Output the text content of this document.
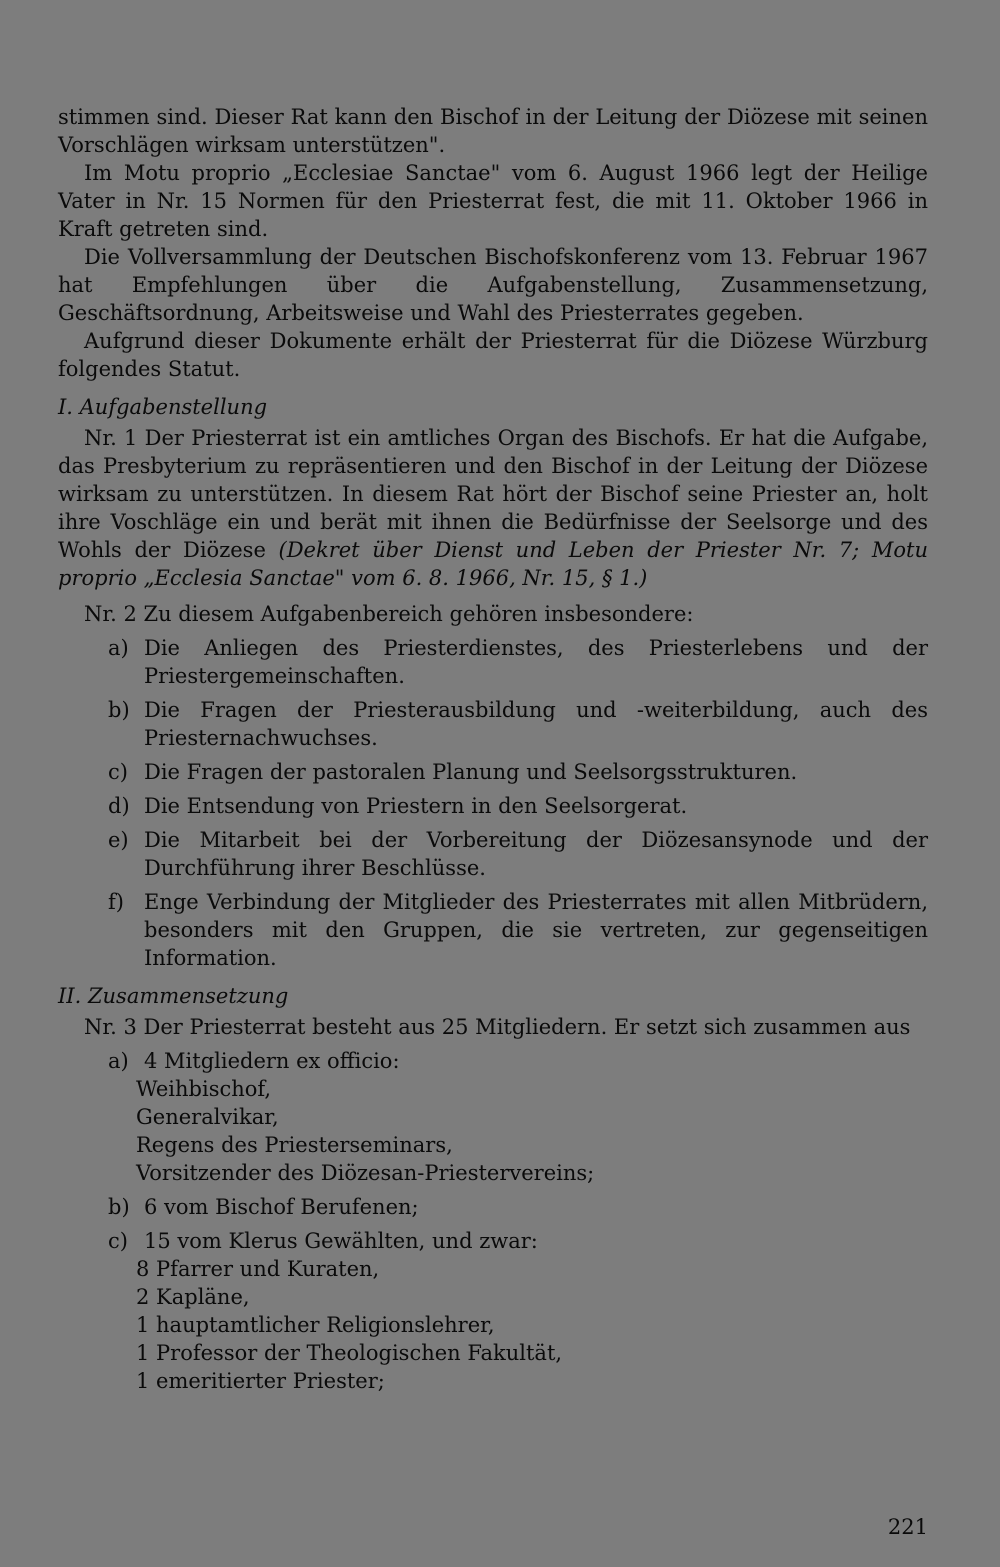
stimmen sind. Dieser Rat kann den Bischof in der Leitung der Diözese mit seinen Vorschlägen wirksam unterstützen".

Im Motu proprio „Ecclesiae Sanctae" vom 6. August 1966 legt der Heilige Vater in Nr. 15 Normen für den Priesterrat fest, die mit 11. Oktober 1966 in Kraft getreten sind.

Die Vollversammlung der Deutschen Bischofskonferenz vom 13. Februar 1967 hat Empfehlungen über die Aufgabenstellung, Zusammensetzung, Geschäftsordnung, Arbeitsweise und Wahl des Priesterrates gegeben.

Aufgrund dieser Dokumente erhält der Priesterrat für die Diözese Würzburg folgendes Statut.

I. Aufgabenstellung

Nr. 1 Der Priesterrat ist ein amtliches Organ des Bischofs. Er hat die Aufgabe, das Presbyterium zu repräsentieren und den Bischof in der Leitung der Diözese wirksam zu unterstützen. In diesem Rat hört der Bischof seine Priester an, holt ihre Voschläge ein und berät mit ihnen die Bedürfnisse der Seelsorge und des Wohls der Diözese (Dekret über Dienst und Leben der Priester Nr. 7; Motu proprio „Ecclesia Sanctae" vom 6. 8. 1966, Nr. 15, § 1.)

Nr. 2 Zu diesem Aufgabenbereich gehören insbesondere:

a) Die Anliegen des Priesterdienstes, des Priesterlebens und der Priestergemeinschaften.
b) Die Fragen der Priesterausbildung und -weiterbildung, auch des Priesternachwuchses.
c) Die Fragen der pastoralen Planung und Seelsorgsstrukturen.
d) Die Entsendung von Priestern in den Seelsorgerat.
e) Die Mitarbeit bei der Vorbereitung der Diözesansynode und der Durchführung ihrer Beschlüsse.
f) Enge Verbindung der Mitglieder des Priesterrates mit allen Mitbrüdern, besonders mit den Gruppen, die sie vertreten, zur gegenseitigen Information.

II. Zusammensetzung

Nr. 3 Der Priesterrat besteht aus 25 Mitgliedern. Er setzt sich zusammen aus

a) 4 Mitgliedern ex officio:
Weihbischof,
Generalvikar,
Regens des Priesterseminars,
Vorsitzender des Diözesan-Priestervereins;
b) 6 vom Bischof Berufenen;
c) 15 vom Klerus Gewählten, und zwar:
8 Pfarrer und Kuraten,
2 Kapläne,
1 hauptamtlicher Religionslehrer,
1 Professor der Theologischen Fakultät,
1 emeritierter Priester;
221
